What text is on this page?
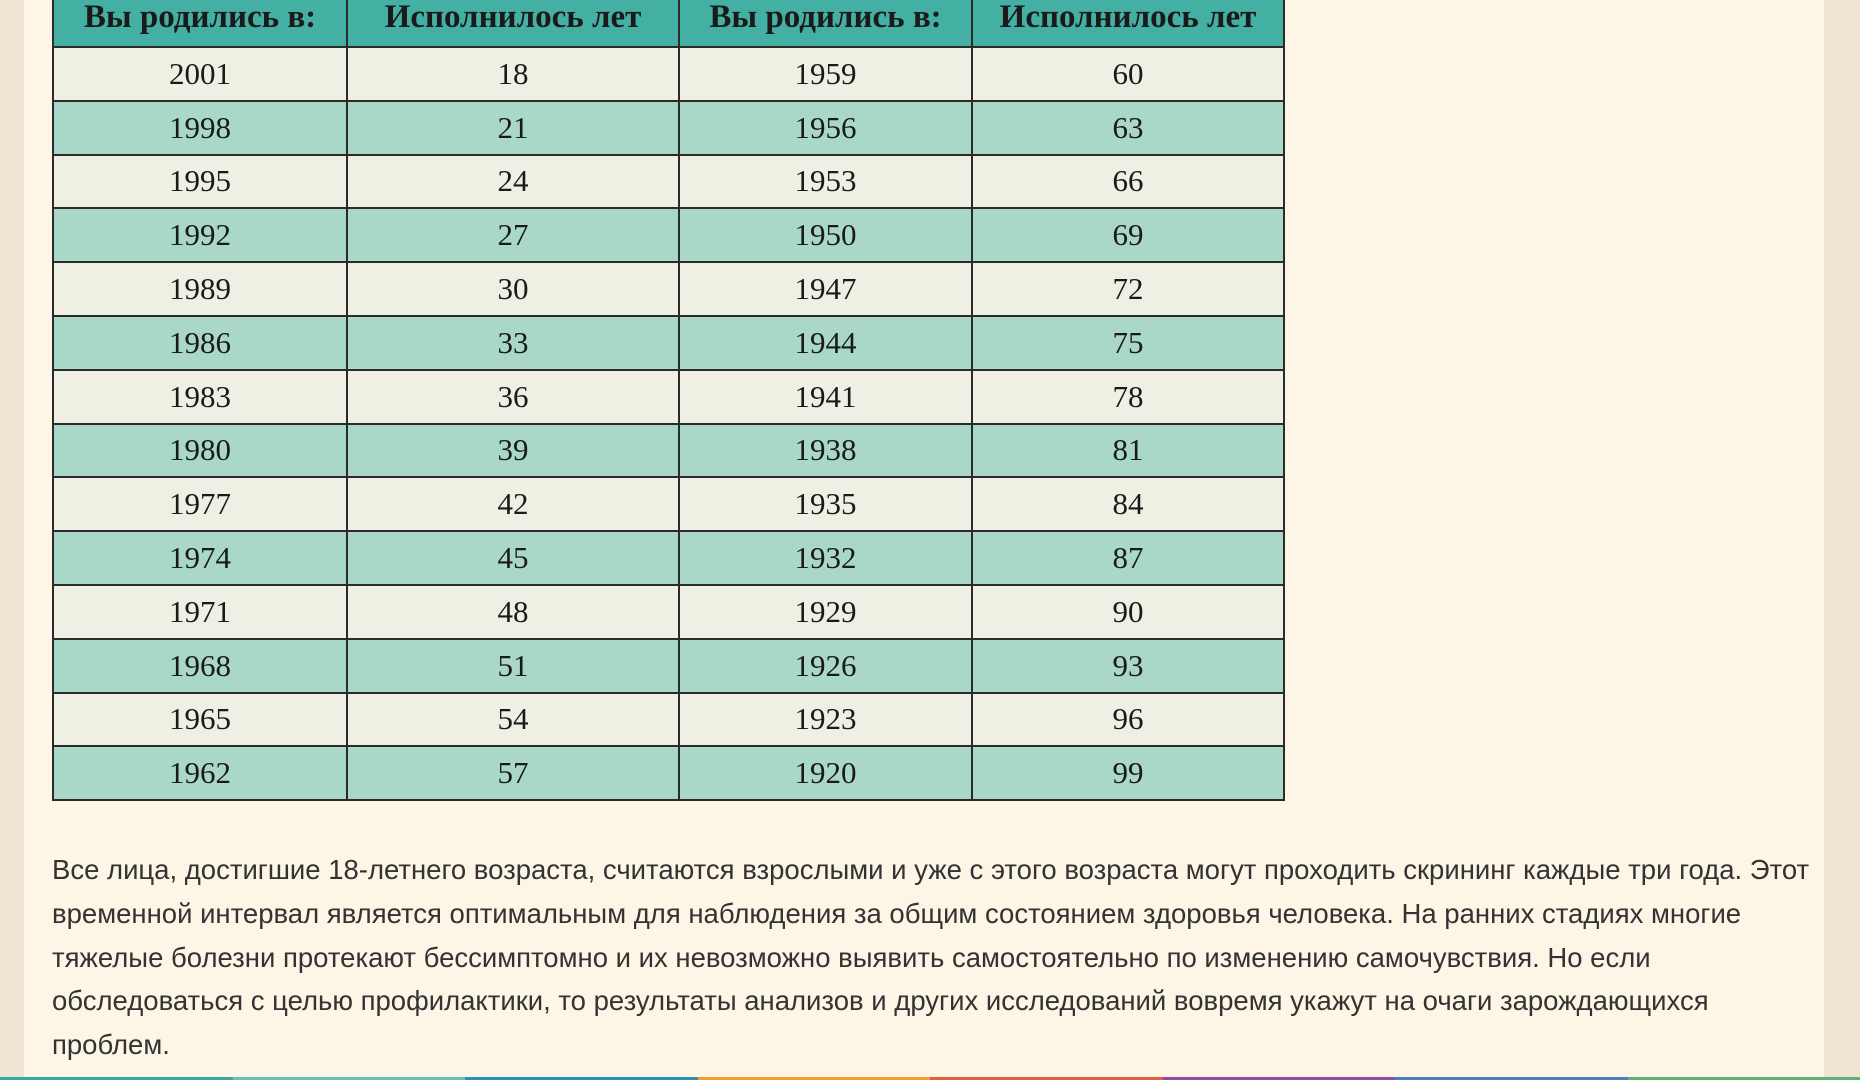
Вы родились в:	Исполнилось лет	Вы родились в:	Исполнилось лет
2001	18	1959	60
1998	21	1956	63
1995	24	1953	66
1992	27	1950	69
1989	30	1947	72
1986	33	1944	75
1983	36	1941	78
1980	39	1938	81
1977	42	1935	84
1974	45	1932	87
1971	48	1929	90
1968	51	1926	93
1965	54	1923	96
1962	57	1920	99

Все лица, достигшие 18-летнего возраста, считаются взрослыми и уже с этого возраста могут проходить скрининг каждые три года. Этот временной интервал является оптимальным для наблюдения за общим состоянием здоровья человека. На ранних стадиях многие тяжелые болезни протекают бессимптомно и их невозможно выявить самостоятельно по изменению самочувствия. Но если обследоваться с целью профилактики, то результаты анализов и других исследований вовремя укажут на очаги зарождающихся проблем.
